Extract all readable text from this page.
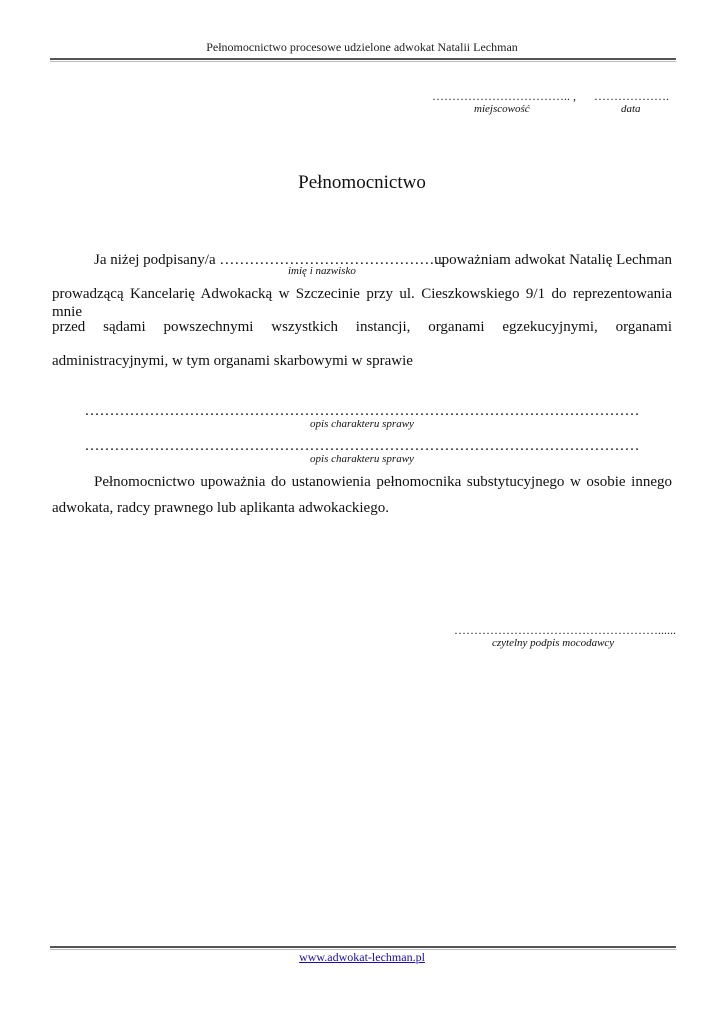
Pełnomocnictwo procesowe udzielone adwokat Natalii Lechman
…………………………….. , ……………….
miejscowość	data
Pełnomocnictwo
Ja niżej podpisany/a ………………………………………
upoważniam adwokat Natalię Lechman
imię i nazwisko
prowadzącą Kancelarię Adwokacką w Szczecinie przy ul. Cieszkowskiego 9/1 do reprezentowania mnie
przed sądami powszechnymi wszystkich instancji, organami egzekucyjnymi, organami
administracyjnymi, w tym organami skarbowymi w sprawie
…………………………………………………………………………………………………
opis charakteru sprawy
…………………………………………………………………………………………………
opis charakteru sprawy
Pełnomocnictwo upoważnia do ustanowienia pełnomocnika substytucyjnego w osobie innego
adwokata, radcy prawnego lub aplikanta adwokackiego.
……………………………………………......
czytelny podpis mocodawcy
www.adwokat-lechman.pl
